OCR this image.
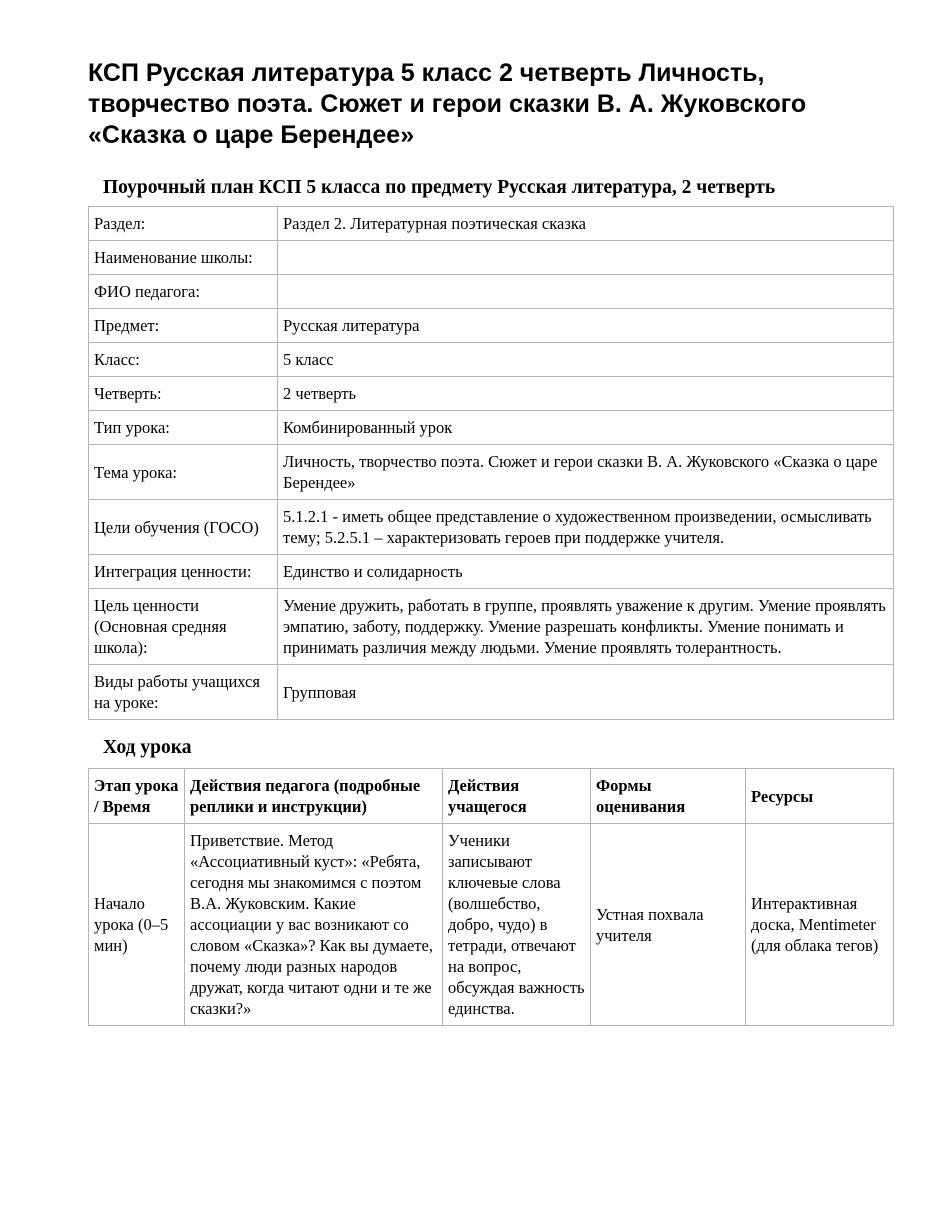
КСП Русская литература 5 класс 2 четверть Личность, творчество поэта. Сюжет и герои сказки В. А. Жуковского «Сказка о царе Берендее»
Поурочный план КСП 5 класса по предмету Русская литература, 2 четверть
Раздел:	Раздел 2. Литературная поэтическая сказка
Наименование школы:	
ФИО педагога:	
Предмет:	Русская литература
Класс:	5 класс
Четверть:	2 четверть
Тип урока:	Комбинированный урок
Тема урока:	Личность, творчество поэта. Сюжет и герои сказки В. А. Жуковского «Сказка о царе Берендее»
Цели обучения (ГОСО)	5.1.2.1 - иметь общее представление о художественном произведении, осмысливать тему; 5.2.5.1 – характеризовать героев при поддержке учителя.
Интеграция ценности:	Единство и солидарность
Цель ценности (Основная средняя школа):	Умение дружить, работать в группе, проявлять уважение к другим. Умение проявлять эмпатию, заботу, поддержку. Умение разрешать конфликты. Умение понимать и принимать различия между людьми. Умение проявлять толерантность.
Виды работы учащихся на уроке:	Групповая
Ход урока
Этап урока / Время	Действия педагога (подробные реплики и инструкции)	Действия учащегося	Формы оценивания	Ресурсы
Начало урока (0–5 мин)	Приветствие. Метод «Ассоциативный куст»: «Ребята, сегодня мы знакомимся с поэтом В.А. Жуковским. Какие ассоциации у вас возникают со словом «Сказка»? Как вы думаете, почему люди разных народов дружат, когда читают одни и те же сказки?»	Ученики записывают ключевые слова (волшебство, добро, чудо) в тетради, отвечают на вопрос, обсуждая важность единства.	Устная похвала учителя	Интерактивная доска, Mentimeter (для облака тегов)
